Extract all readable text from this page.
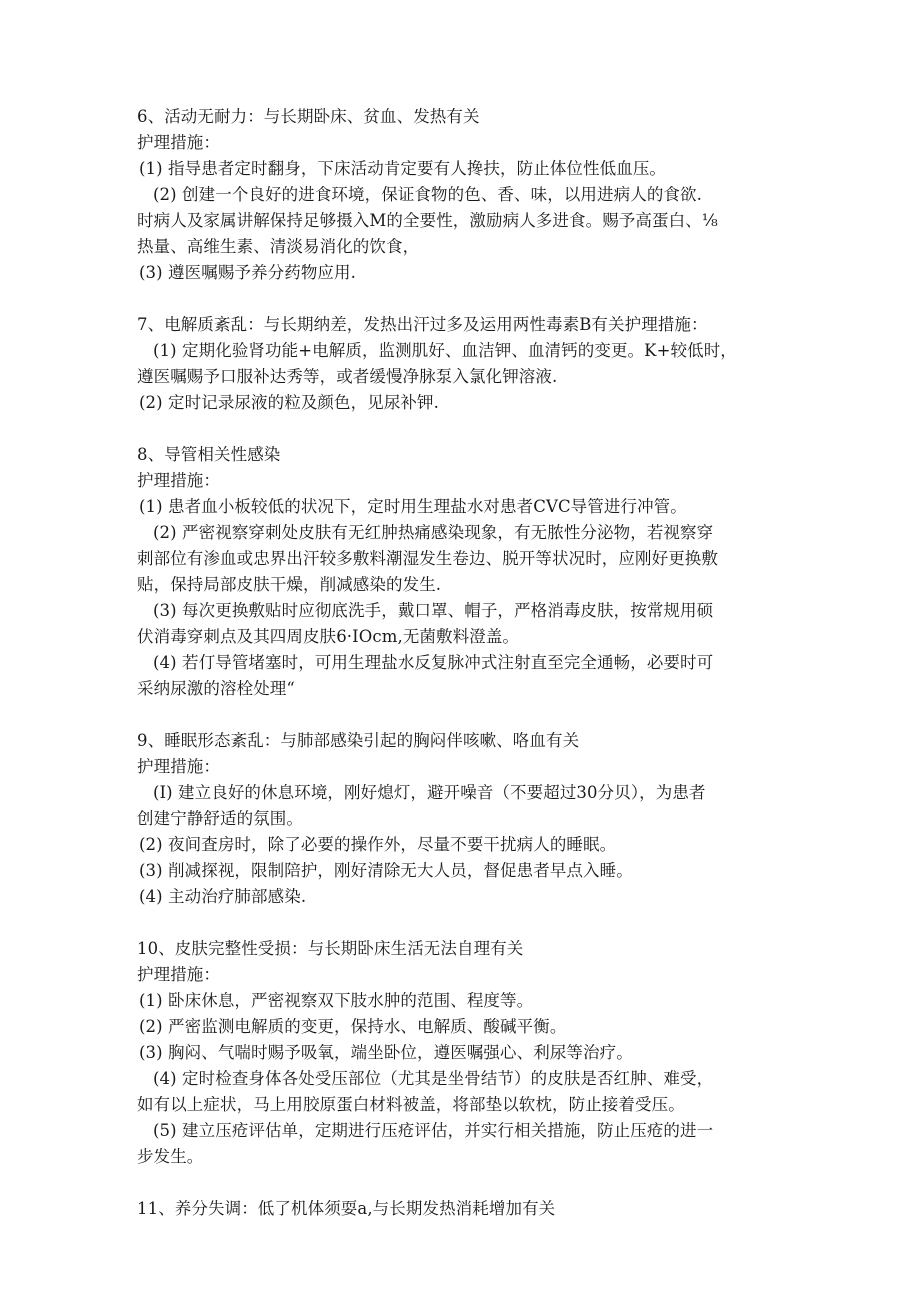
6、活动无耐力：与长期卧床、贫血、发热有关
护理措施：
(1) 指导患者定时翻身，下床活动肯定要有人搀扶，防止体位性低血压。
(2) 创建一个良好的进食环境，保证食物的色、香、味，以用进病人的食欲.
时病人及家属讲解保持足够摄入M的全要性，激励病人多进食。赐予高蛋白、⅛
热量、高维生素、清淡易消化的饮食，
(3) 遵医嘱赐予养分药物应用.
7、电解质紊乱：与长期纳差，发热出汗过多及运用两性毒素B有关护理措施：
(1) 定期化验肾功能+电解质，监测肌好、血洁钾、血清钙的变更。K+较低时，
遵医嘱赐予口服补达秀等，或者缓慢净脉泵入氯化钾溶液.
(2) 定时记录尿液的粒及颜色，见尿补钾.
8、导管相关性感染
护理措施：
(1) 患者血小板较低的状况下，定时用生理盐水对患者CVC导管进行冲管。
(2) 严密视察穿刺处皮肤有无红肿热痛感染现象，有无脓性分泌物，若视察穿
刺部位有渗血或忠界出汗较多敷料潮湿发生卷边、脱开等状况时，应刚好更换敷
贴，保持局部皮肤干燥，削减感染的发生.
(3) 每次更换敷贴时应彻底洗手，戴口罩、帽子，严格消毒皮肤，按常规用硕
伏消毒穿刺点及其四周皮肤6·IOcm,无菌敷料澄盖。
(4) 若仃导管堵塞时，可用生理盐水反复脉冲式注射直至完全通畅，必要时可
采纳尿激的溶栓处理“
9、睡眠形态紊乱：与肺部感染引起的胸闷伴咳嗽、咯血有关
护理措施：
(I) 建立良好的休息环境，刚好熄灯，避开噪音（不要超过30分贝），为患者
创建宁静舒适的氛围。
(2) 夜间査房时，除了必要的操作外，尽量不要干扰病人的睡眠。
(3) 削减探视，限制陪护，刚好清除无大人员，督促患者早点入睡。
(4) 主动治疗肺部感染.
10、皮肤完整性受损：与长期卧床生活无法自理有关
护理措施：
(1) 卧床休息，严密视察双下肢水肿的范围、程度等。
(2) 严密监测电解质的变更，保持水、电解质、酸碱平衡。
(3) 胸闷、气喘时赐予吸氧，端坐卧位，遵医嘱强心、利尿等治疗。
(4) 定时检查身体各处受压部位（尤其是坐骨结节）的皮肤是否红肿、难受，
如有以上症状，马上用胶原蛋白材料被盖，将部垫以软枕，防止接着受压。
(5) 建立压疮评估单，定期进行压疮评估，并实行相关措施，防止压疮的进一
步发生。
11、养分失调：低了机体须耍a,与长期发热消耗增加有关
